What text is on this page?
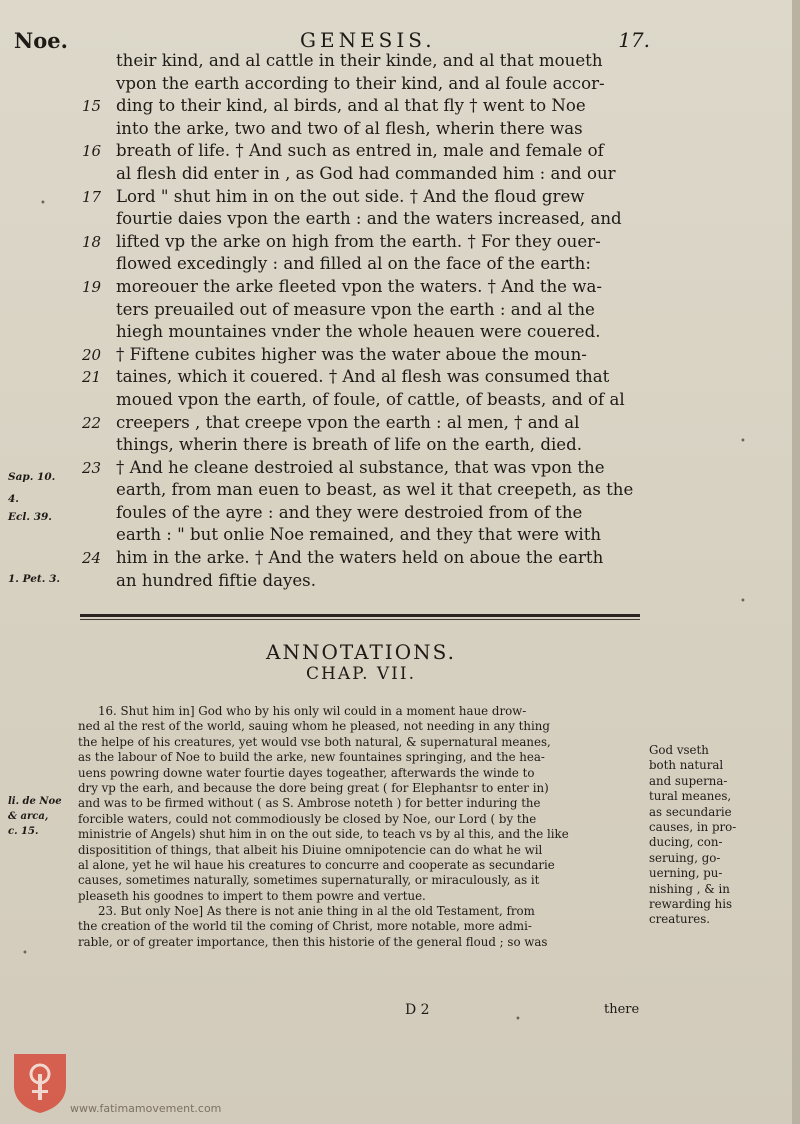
Noe.	GENESIS.	17.
their kind, and al cattle in their kinde, and al that moueth
vpon the earth according to their kind, and al foule accor-
15 ding to their kind, al birds, and al that fly † went to Noe
into the arke, two and two of al flesh, wherin there was
16 breath of life. † And such as entred in, male and female of
al flesh did enter in , as God had commanded him : and our
17 Lord " shut him in on the out side. † And the floud grew
fourtie daies vpon the earth : and the waters increased, and
18 lifted vp the arke on high from the earth. † For they ouer-
flowed excedingly : and filled al on the face of the earth:
19 moreouer the arke fleeted vpon the waters. † And the wa-
ters preuailed out of measure vpon the earth : and al the
hiegh mountaines vnder the whole heauen were couered.
20 † Fiftene cubites higher was the water aboue the moun-
21 taines, which it couered. † And al flesh was consumed that
moued vpon the earth, of foule, of cattle, of beasts, and of al
22 creepers , that creepe vpon the earth : al men, † and al
things, wherin there is breath of life on the earth, died.
23 † And he cleane destroied al substance, that was vpon the
earth, from man euen to beast, as wel it that creepeth, as the
foules of the ayre : and they were destroied from of the
earth : " but onlie Noe remained, and they that were with
24 him in the arke. † And the waters held on aboue the earth
an hundred fiftie dayes.
Sap. 10.
4.
Ecl. 39.
1. Pet. 3.
ANNOTATIONS.
CHAP. VII.
16. Shut him in] God who by his only wil could in a moment haue drow-
ned al the rest of the world, sauing whom he pleased, not needing in any thing
the helpe of his creatures, yet would vse both natural, & supernatural meanes,
as the labour of Noe to build the arke, new fountaines springing, and the hea-
uens powring downe water fourtie dayes togeather, afterwards the winde to
dry vp the earh, and because the dore being great ( for Elephantsr to enter in)
and was to be firmed without ( as S. Ambrose noteth ) for better induring the
forcible waters, could not commodiously be closed by Noe, our Lord ( by the
ministrie of Angels) shut him in on the out side, to teach vs by al this, and the like
dispositition of things, that albeit his Diuine omnipotencie can do what he wil
al alone, yet he wil haue his creatures to concurre and cooperate as secundarie
causes, sometimes naturally, sometimes supernaturally, or miraculously, as it
pleaseth his goodnes to impert to them powre and vertue.
23. But only Noe] As there is not anie thing in al the old Testament, from
the creation of the world til the coming of Christ, more notable, more admi-
rable, or of greater importance, then this historie of the general floud ; so was
God vseth
both natural
and superna-
tural meanes,
as secundarie
causes, in pro-
ducing, con-
seruing, go-
uerning, pu-
nishing , & in
rewarding his
creatures.
li. de Noe
& arca,
c. 15.
D 2	there
www.fatimamovement.com
•
•
•
•
•
